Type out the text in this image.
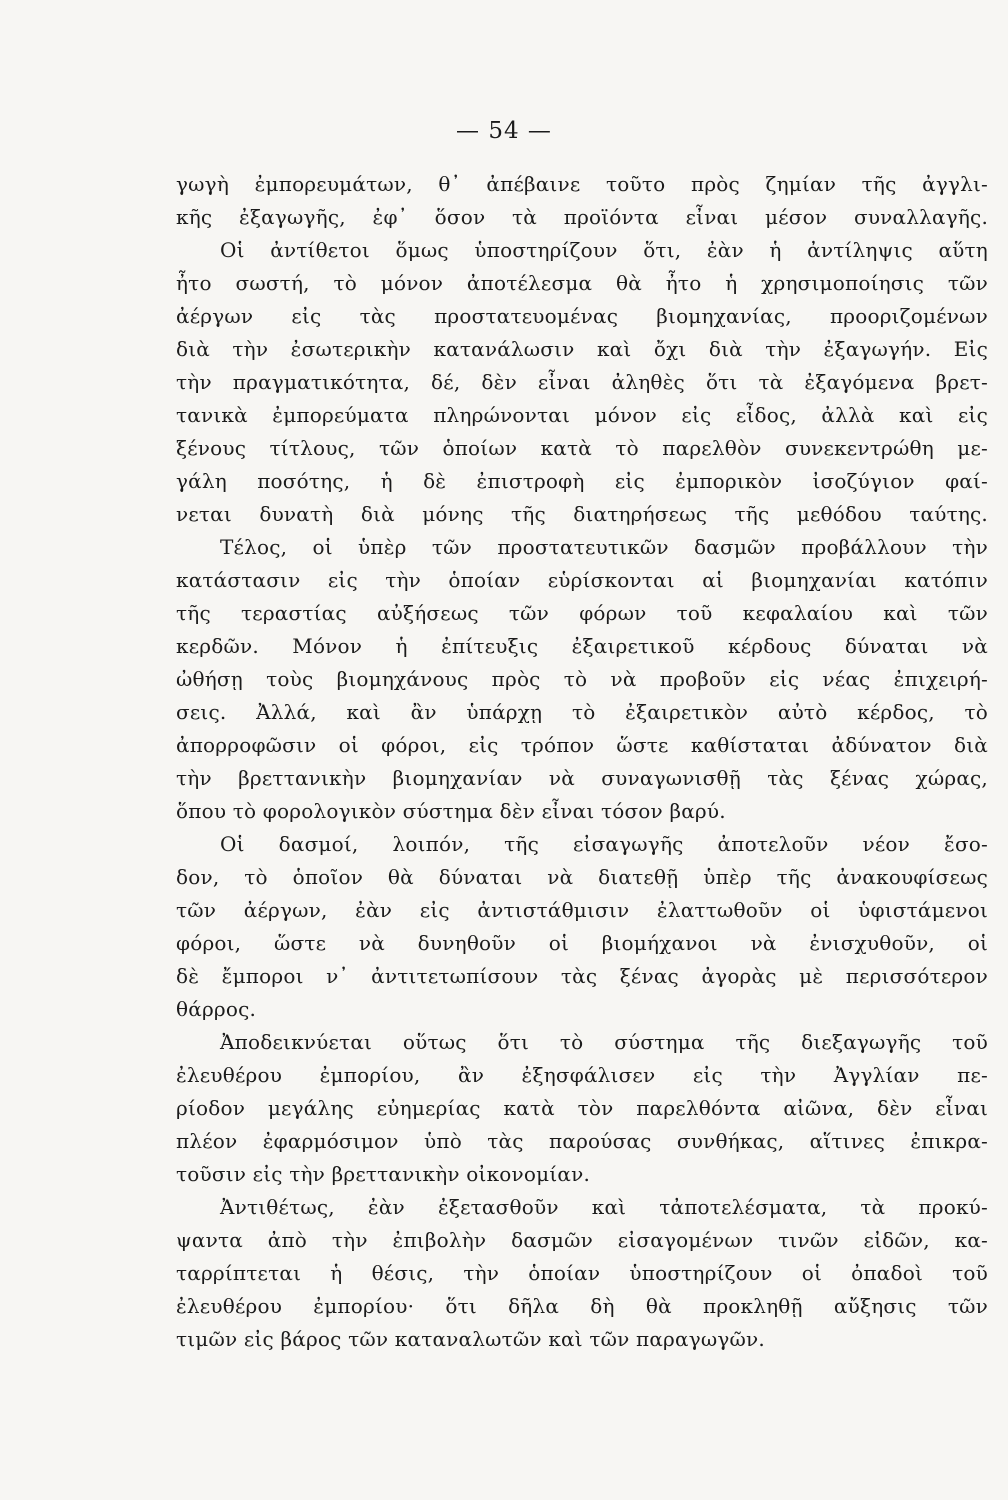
— 54 —
γωγὴ ἐμπορευμάτων, θ᾽ ἀπέβαινε τοῦτο πρὸς ζημίαν τῆς ἀγγλι-
κῆς ἐξαγωγῆς, ἐφ᾽ ὅσον τὰ προϊόντα εἶναι μέσον συναλλαγῆς.
Οἱ ἀντίθετοι ὅμως ὑποστηρίζουν ὅτι, ἐὰν ἡ ἀντίληψις αὕτη
ἦτο σωστή, τὸ μόνον ἀποτέλεσμα θὰ ἦτο ἡ χρησιμοποίησις τῶν
ἀέργων εἰς τὰς προστατευομένας βιομηχανίας, προοριζομένων
διὰ τὴν ἐσωτερικὴν κατανάλωσιν καὶ ὄχι διὰ τὴν ἐξαγωγήν. Εἰς
τὴν πραγματικότητα, δέ, δὲν εἶναι ἀληθὲς ὅτι τὰ ἐξαγόμενα βρετ-
τανικὰ ἐμπορεύματα πληρώνονται μόνον εἰς εἶδος, ἀλλὰ καὶ εἰς
ξένους τίτλους, τῶν ὁποίων κατὰ τὸ παρελθὸν συνεκεντρώθη με-
γάλη ποσότης, ἡ δὲ ἐπιστροφὴ εἰς ἐμπορικὸν ἰσοζύγιον φαί-
νεται δυνατὴ διὰ μόνης τῆς διατηρήσεως τῆς μεθόδου ταύτης.
Τέλος, οἱ ὑπὲρ τῶν προστατευτικῶν δασμῶν προβάλλουν τὴν
κατάστασιν εἰς τὴν ὁποίαν εὑρίσκονται αἱ βιομηχανίαι κατόπιν
τῆς τεραστίας αὐξήσεως τῶν φόρων τοῦ κεφαλαίου καὶ τῶν
κερδῶν. Μόνον ἡ ἐπίτευξις ἐξαιρετικοῦ κέρδους δύναται νὰ
ὠθήσῃ τοὺς βιομηχάνους πρὸς τὸ νὰ προβοῦν εἰς νέας ἐπιχειρή-
σεις. Ἀλλά, καὶ ἂν ὑπάρχῃ τὸ ἐξαιρετικὸν αὐτὸ κέρδος, τὸ
ἀπορροφῶσιν οἱ φόροι, εἰς τρόπον ὥστε καθίσταται ἀδύνατον διὰ
τὴν βρεττανικὴν βιομηχανίαν νὰ συναγωνισθῇ τὰς ξένας χώρας,
ὅπου τὸ φορολογικὸν σύστημα δὲν εἶναι τόσον βαρύ.
Οἱ δασμοί, λοιπόν, τῆς εἰσαγωγῆς ἀποτελοῦν νέον ἔσο-
δον, τὸ ὁποῖον θὰ δύναται νὰ διατεθῇ ὑπὲρ τῆς ἀνακουφίσεως
τῶν ἀέργων, ἐὰν εἰς ἀντιστάθμισιν ἐλαττωθοῦν οἱ ὑφιστάμενοι
φόροι, ὥστε νὰ δυνηθοῦν οἱ βιομήχανοι νὰ ἐνισχυθοῦν, οἱ
δὲ ἔμποροι ν᾽ ἀντιτετωπίσουν τὰς ξένας ἀγορὰς μὲ περισσότερον
θάρρος.
Ἀποδεικνύεται οὕτως ὅτι τὸ σύστημα τῆς διεξαγωγῆς τοῦ
ἐλευθέρου ἐμπορίου, ἂν ἐξησφάλισεν εἰς τὴν Ἀγγλίαν πε-
ρίοδον μεγάλης εὐημερίας κατὰ τὸν παρελθόντα αἰῶνα, δὲν εἶναι
πλέον ἐφαρμόσιμον ὑπὸ τὰς παρούσας συνθήκας, αἵτινες ἐπικρα-
τοῦσιν εἰς τὴν βρεττανικὴν οἰκονομίαν.
Ἀντιθέτως, ἐὰν ἐξετασθοῦν καὶ τἀποτελέσματα, τὰ προκύ-
ψαντα ἀπὸ τὴν ἐπιβολὴν δασμῶν εἰσαγομένων τινῶν εἰδῶν, κα-
ταρρίπτεται ἡ θέσις, τὴν ὁποίαν ὑποστηρίζουν οἱ ὀπαδοὶ τοῦ
ἐλευθέρου ἐμπορίου· ὅτι δῆλα δὴ θὰ προκληθῇ αὔξησις τῶν
τιμῶν εἰς βάρος τῶν καταναλωτῶν καὶ τῶν παραγωγῶν.
